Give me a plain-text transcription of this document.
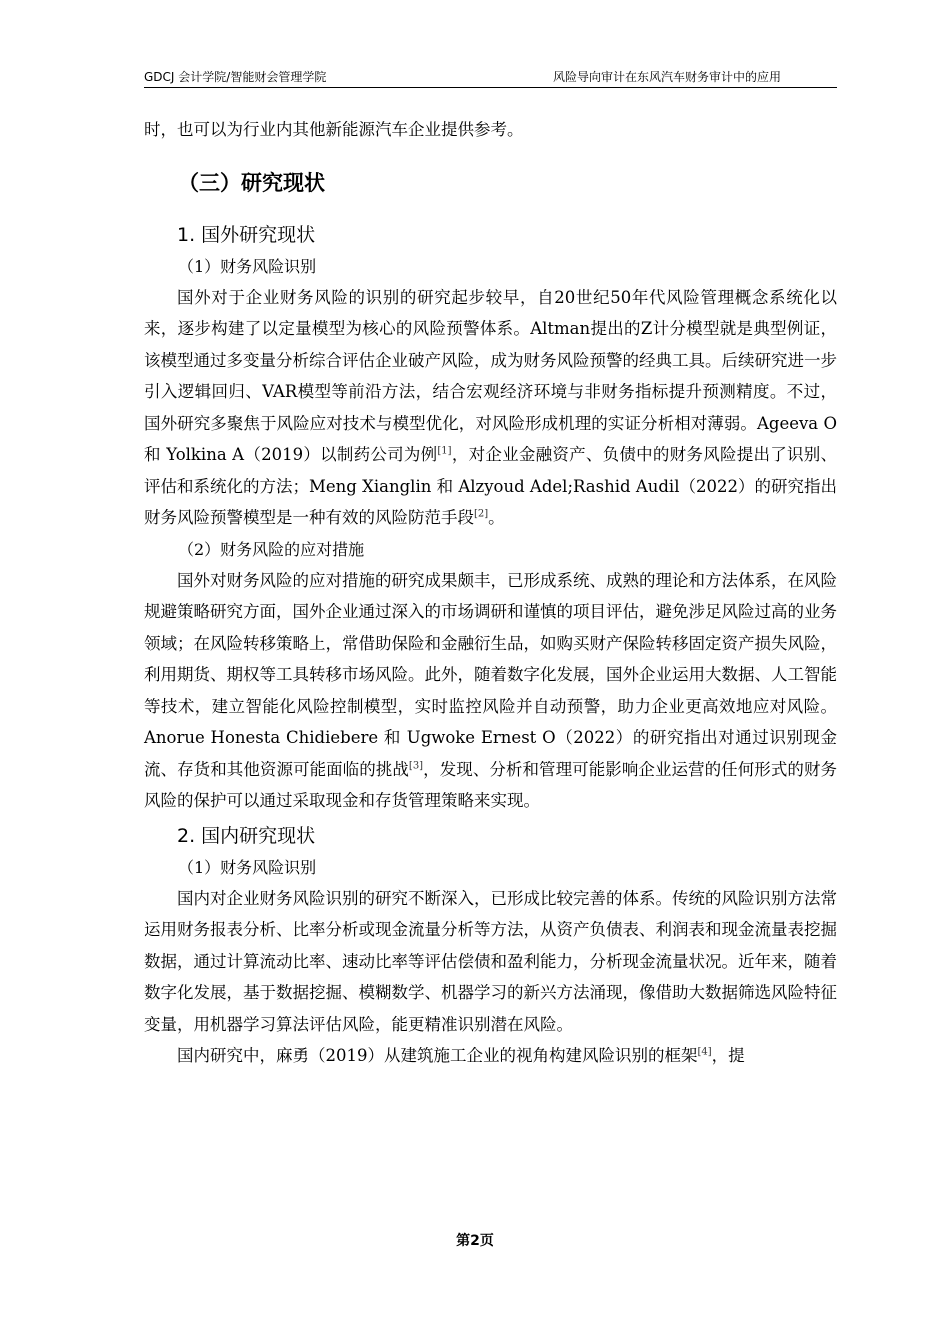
GDCJ 会计学院/智能财会管理学院	风险导向审计在东风汽车财务审计中的应用

时，也可以为行业内其他新能源汽车企业提供参考。

（三）研究现状
1. 国外研究现状
（1）财务风险识别

国外对于企业财务风险的识别的研究起步较早，自20世纪50年代风险管理概念系统化以来，逐步构建了以定量模型为核心的风险预警体系。Altman提出的Z计分模型就是典型例证，该模型通过多变量分析综合评估企业破产风险，成为财务风险预警的经典工具。后续研究进一步引入逻辑回归、VAR模型等前沿方法，结合宏观经济环境与非财务指标提升预测精度。不过，国外研究多聚焦于风险应对技术与模型优化，对风险形成机理的实证分析相对薄弱。Ageeva O 和 Yolkina A（2019）以制药公司为例[1]，对企业金融资产、负债中的财务风险提出了识别、评估和系统化的方法；Meng Xianglin 和 Alzyoud Adel;Rashid Audil（2022）的研究指出财务风险预警模型是一种有效的风险防范手段[2]。

（2）财务风险的应对措施

国外对财务风险的应对措施的研究成果颇丰，已形成系统、成熟的理论和方法体系，在风险规避策略研究方面，国外企业通过深入的市场调研和谨慎的项目评估，避免涉足风险过高的业务领域；在风险转移策略上，常借助保险和金融衍生品，如购买财产保险转移固定资产损失风险，利用期货、期权等工具转移市场风险。此外，随着数字化发展，国外企业运用大数据、人工智能等技术，建立智能化风险控制模型，实时监控风险并自动预警，助力企业更高效地应对风险。Anorue Honesta Chidiebere 和 Ugwoke Ernest O（2022）的研究指出对通过识别现金流、存货和其他资源可能面临的挑战[3]，发现、分析和管理可能影响企业运营的任何形式的财务风险的保护可以通过采取现金和存货管理策略来实现。

2. 国内研究现状
（1）财务风险识别

国内对企业财务风险识别的研究不断深入，已形成比较完善的体系。传统的风险识别方法常运用财务报表分析、比率分析或现金流量分析等方法，从资产负债表、利润表和现金流量表挖掘数据，通过计算流动比率、速动比率等评估偿债和盈利能力，分析现金流量状况。近年来，随着数字化发展，基于数据挖掘、模糊数学、机器学习的新兴方法涌现，像借助大数据筛选风险特征变量，用机器学习算法评估风险，能更精准识别潜在风险。

国内研究中，麻勇（2019）从建筑施工企业的视角构建风险识别的框架[4]，提

第2页
